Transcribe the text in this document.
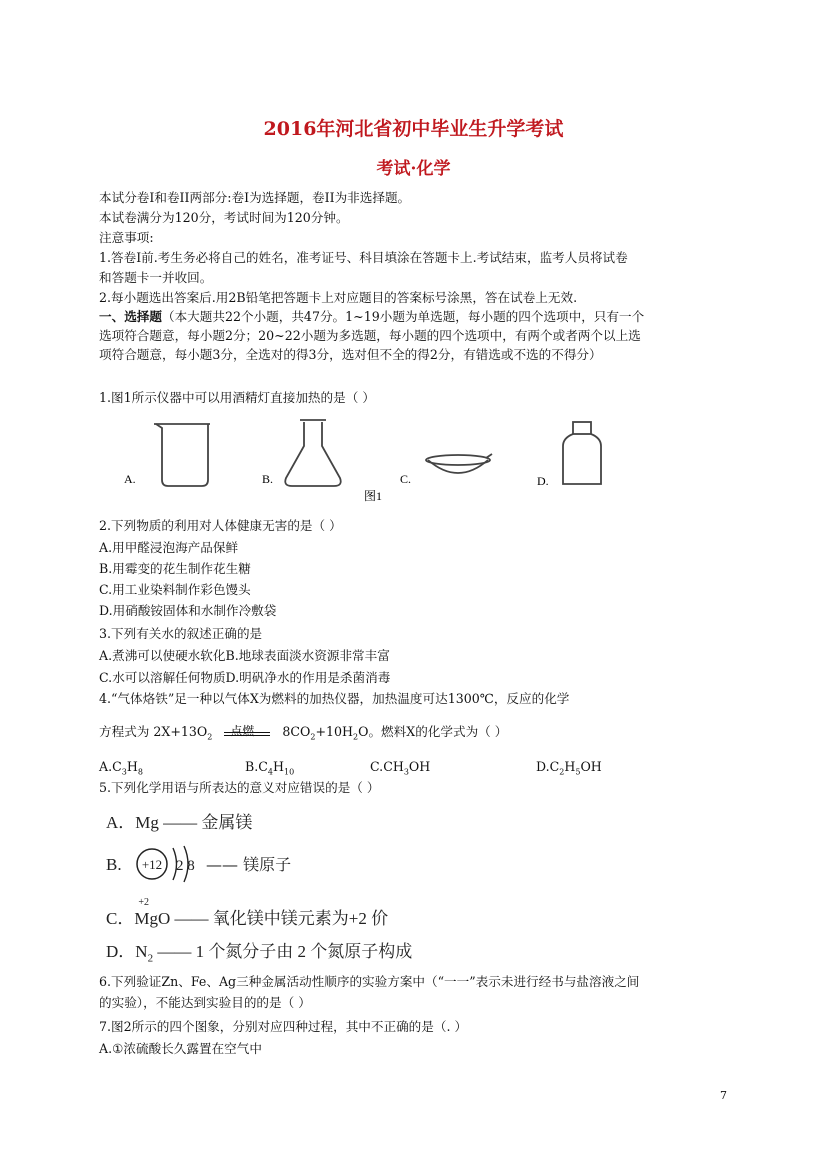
2016年河北省初中毕业生升学考试
考试·化学
本试分卷I和卷II两部分:卷I为选择题，卷II为非选择题。
本试卷满分为120分，考试时间为120分钟。
注意事项:
1.答卷I前.考生务必将自己的姓名，准考证号、科目填涂在答题卡上.考试结束，监考人员将试卷
和答题卡一并收回。
2.每小题选出答案后.用2B铅笔把答题卡上对应题目的答案标号涂黑，答在试卷上无效.
一、选择题（本大题共22个小题，共47分。1~19小题为单选题，每小题的四个选项中，只有一个
选项符合题意，每小题2分；20~22小题为多选题，每小题的四个选项中，有两个或者两个以上选
项符合题意，每小题3分，全选对的得3分，选对但不全的得2分，有错选或不选的不得分）
1.图1所示仪器中可以用酒精灯直接加热的是（ ）
A.	B.	C.	D.
图1
2.下列物质的利用对人体健康无害的是（ ）
A.用甲醛浸泡海产品保鲜
B.用霉变的花生制作花生糖
C.用工业染料制作彩色馒头
D.用硝酸铵固体和水制作冷敷袋
3.下列有关水的叙述正确的是
A.煮沸可以使硬水软化B.地球表面淡水资源非常丰富
C.水可以溶解任何物质D.明矾净水的作用是杀菌消毒
4.“气体烙铁”足一种以气体X为燃料的加热仪器，加热温度可达1300℃，反应的化学
方程式为 $2X+13O_2$ 点燃 $8CO_2+10H_2O$。燃料X的化学式为（ ）
$A.C_3H_8$	$B.C_4H_{10}$	$C.CH_3OH$	$D.C_2H_5OH$
5.下列化学用语与所表达的意义对应错误的是（ ）
A．Mg —— 金属镁
B. +12 2 8 —— 镁原子
C．
+2
MgO —— 氧化镁中镁元素为+2 价
D．$N_2$ —— 1 个氮分子由 2 个氮原子构成
6.下列验证Zn、Fe、Ag三种金属活动性顺序的实验方案中（“一一”表示未进行经书与盐溶液之间
的实验），不能达到实验目的的是（ ）
7.图2所示的四个图象，分别对应四种过程，其中不正确的是（. ）
A.①浓硫酸长久露置在空气中
7
